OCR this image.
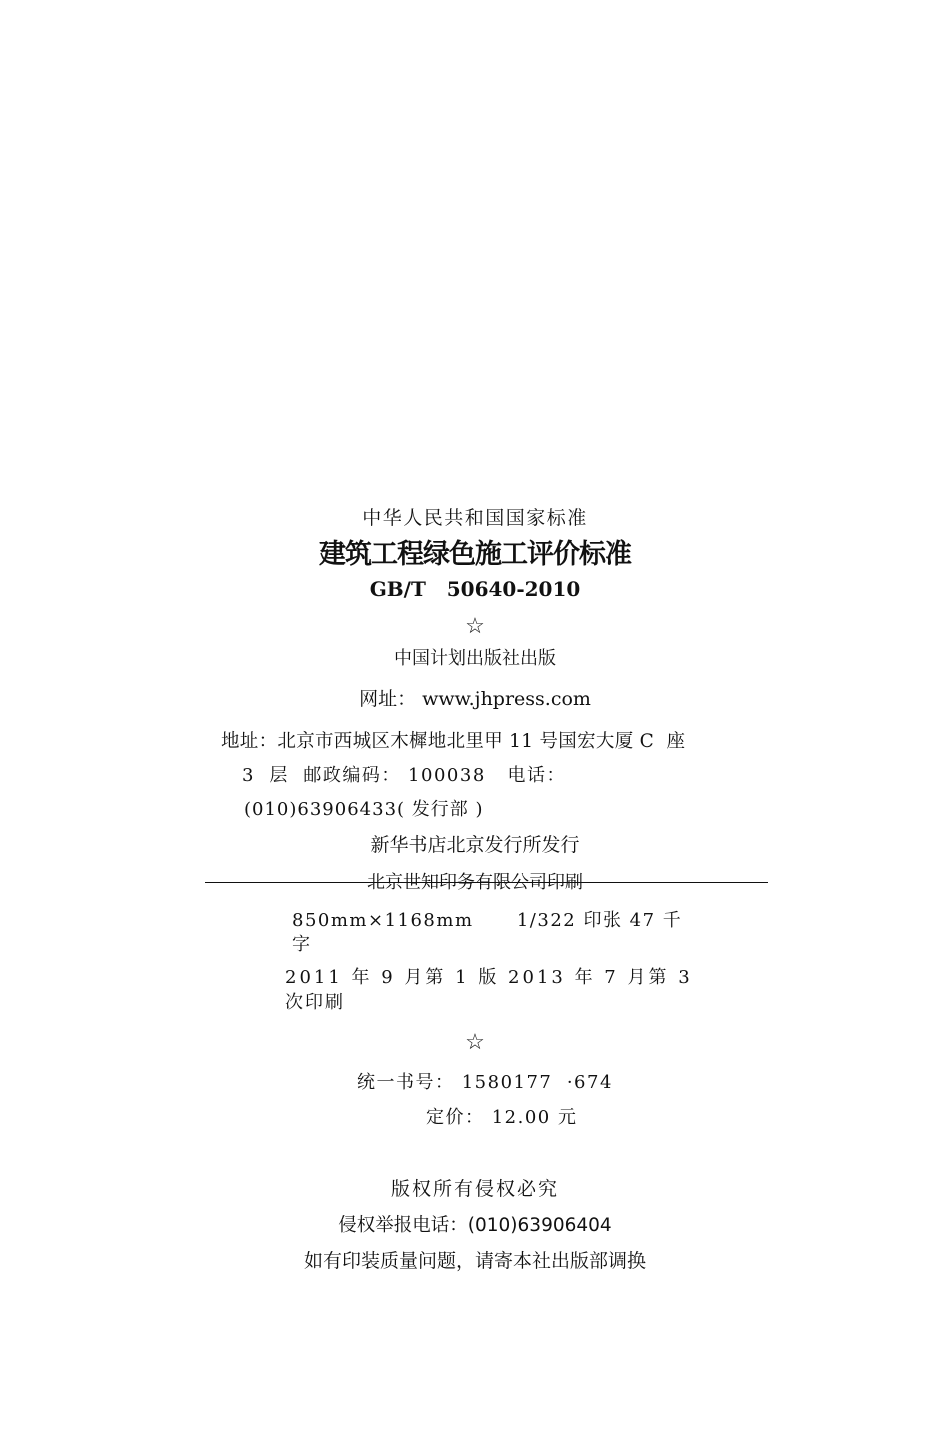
中华人民共和国国家标准
建筑工程绿色施工评价标准
GB/T   50640-2010
☆
中国计划出版社出版
网址： www.jhpress.com
地址：北京市西城区木樨地北里甲 11 号国宏大厦 C  座
3  层  邮政编码： 100038   电话：
(010)63906433( 发行部 )
新华书店北京发行所发行
北京世知印务有限公司印刷
850mm×1168mm      1/322 印张 47 千
字
2011 年 9 月第 1 版 2013 年 7 月第 3
次印刷
☆
统一书号： 1580177  ·674
定价： 12.00 元
版权所有侵权必究
侵权举报电话：(010)63906404
如有印装质量问题，请寄本社出版部调换
